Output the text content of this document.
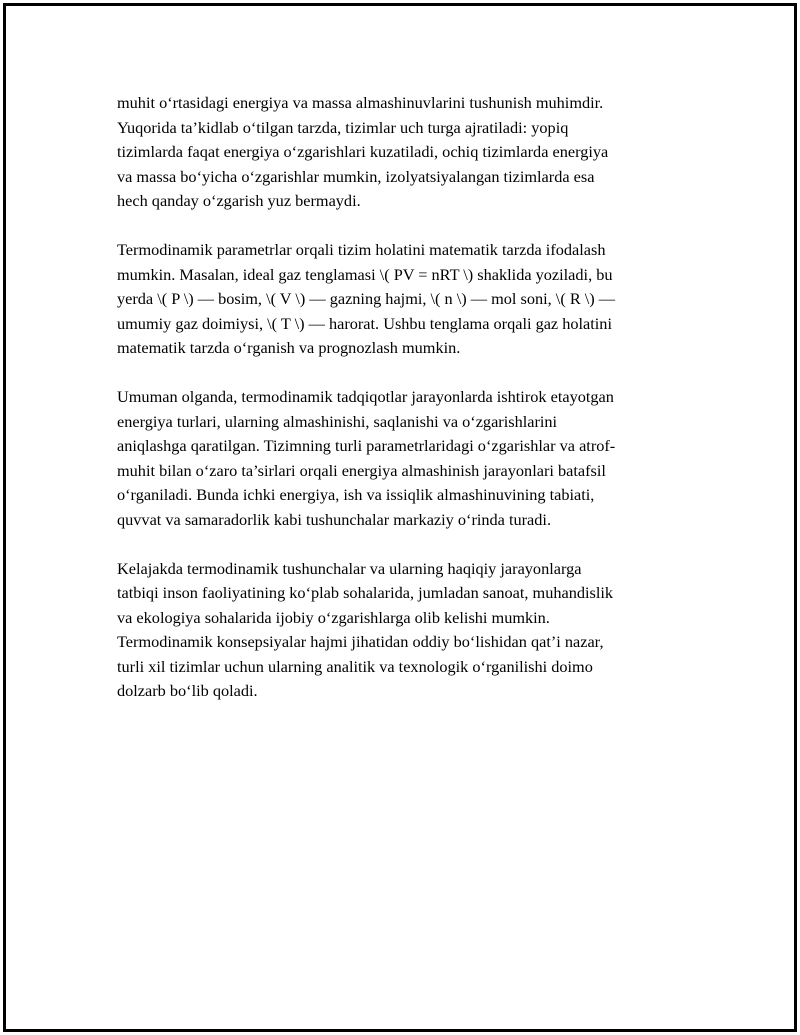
muhit o‘rtasidagi energiya va massa almashinuvlarini tushunish muhimdir.
Yuqorida ta’kidlab o‘tilgan tarzda, tizimlar uch turga ajratiladi: yopiq
tizimlarda faqat energiya o‘zgarishlari kuzatiladi, ochiq tizimlarda energiya
va massa bo‘yicha o‘zgarishlar mumkin, izolyatsiyalangan tizimlarda esa
hech qanday o‘zgarish yuz bermaydi.

Termodinamik parametrlar orqali tizim holatini matematik tarzda ifodalash
mumkin. Masalan, ideal gaz tenglamasi \( PV = nRT \) shaklida yoziladi, bu
yerda \( P \) — bosim, \( V \) — gazning hajmi, \( n \) — mol soni, \( R \) —
umumiy gaz doimiysi, \( T \) — harorat. Ushbu tenglama orqali gaz holatini
matematik tarzda o‘rganish va prognozlash mumkin.

Umuman olganda, termodinamik tadqiqotlar jarayonlarda ishtirok etayotgan
energiya turlari, ularning almashinishi, saqlanishi va o‘zgarishlarini
aniqlashga qaratilgan. Tizimning turli parametrlaridagi o‘zgarishlar va atrof-
muhit bilan o‘zaro ta’sirlari orqali energiya almashinish jarayonlari batafsil
o‘rganiladi. Bunda ichki energiya, ish va issiqlik almashinuvining tabiati,
quvvat va samaradorlik kabi tushunchalar markaziy o‘rinda turadi.

Kelajakda termodinamik tushunchalar va ularning haqiqiy jarayonlarga
tatbiqi inson faoliyatining ko‘plab sohalarida, jumladan sanoat, muhandislik
va ekologiya sohalarida ijobiy o‘zgarishlarga olib kelishi mumkin.
Termodinamik konsepsiyalar hajmi jihatidan oddiy bo‘lishidan qat’i nazar,
turli xil tizimlar uchun ularning analitik va texnologik o‘rganilishi doimo
dolzarb bo‘lib qoladi.
